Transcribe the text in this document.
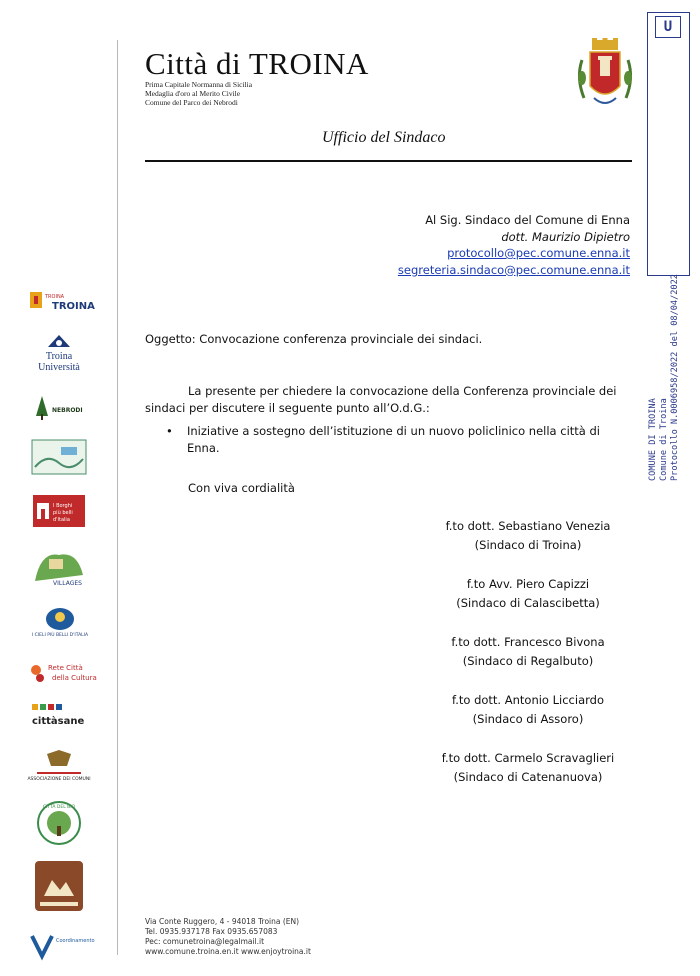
Città di TROINA
Prima Capitale Normanna di Sicilia
Medaglia d'oro al Merito Civile
Comune del Parco dei Nebrodi
Ufficio del Sindaco
U
COMUNE DI TROINA Comune di Troina Protocollo N.0006958/2022 del 08/04/2022
Al Sig. Sindaco del Comune di Enna
dott. Maurizio Dipietro
protocollo@pec.comune.enna.it
segreteria.sindaco@pec.comune.enna.it
Oggetto: Convocazione conferenza provinciale dei sindaci.
La presente per chiedere la convocazione della Conferenza provinciale dei sindaci per discutere il seguente punto all’O.d.G.:
• Iniziative a sostegno dell’istituzione di un nuovo policlinico nella città di Enna.
Con viva cordialità
f.to dott. Sebastiano Venezia
(Sindaco di Troina)
f.to Avv. Piero Capizzi
(Sindaco di Calascibetta)
f.to dott. Francesco Bivona
(Sindaco di Regalbuto)
f.to dott. Antonio Licciardo
(Sindaco di Assoro)
f.to dott. Carmelo Scravaglieri
(Sindaco di Catenanuova)
TROINA
TROINA
Troina Università
NEBRODI
I Borghi
più belli
d'Italia
VILLAGES
I CIELI PIÙ BELLI D'ITALIA
Rete Città
della Cultura
cittàsane
ASSOCIAZIONE DEI COMUNI
CITTÀ DEL BIO
Coordinamento
Via Conte Ruggero, 4 - 94018 Troina (EN)
Tel. 0935.937178 Fax 0935.657083
Pec: comunetroina@legalmail.it
www.comune.troina.en.it www.enjoytroina.it
